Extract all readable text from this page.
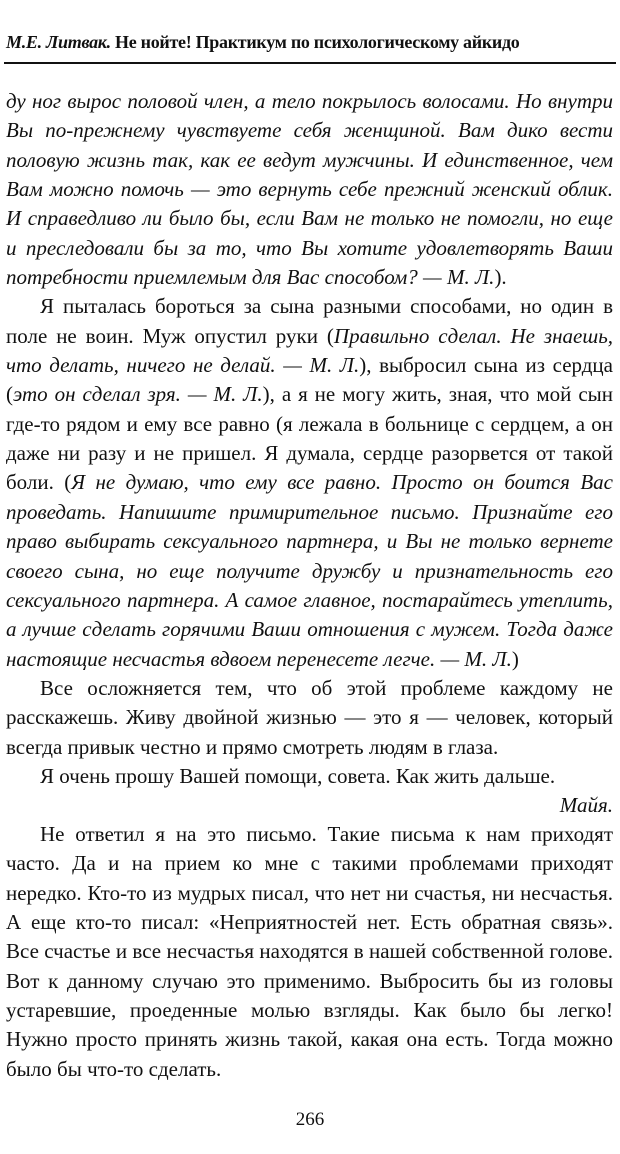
М.Е. Литвак. Не нойте! Практикум по психологическому айкидо

ду ног вырос половой член, а тело покрылось волосами. Но внутри Вы по-прежнему чувствуете себя женщиной. Вам дико вести половую жизнь так, как ее ведут мужчины. И единственное, чем Вам можно помочь — это вернуть себе прежний женский облик. И справедливо ли было бы, если Вам не только не помогли, но еще и преследовали бы за то, что Вы хотите удовлетворять Ваши потребности приемлемым для Вас способом? — М. Л.).

Я пыталась бороться за сына разными способами, но один в поле не воин. Муж опустил руки (Правильно сделал. Не знаешь, что делать, ничего не делай. — М. Л.), выбросил сына из сердца (это он сделал зря. — М. Л.), а я не могу жить, зная, что мой сын где-то рядом и ему все равно (я лежала в больнице с сердцем, а он даже ни разу и не пришел. Я думала, сердце разорвется от такой боли. (Я не думаю, что ему все равно. Просто он боится Вас проведать. Напишите примирительное письмо. Признайте его право выбирать сексуального партнера, и Вы не только вернете своего сына, но еще получите дружбу и признательность его сексуального партнера. А самое главное, постарайтесь утеплить, а лучше сделать горячими Ваши отношения с мужем. Тогда даже настоящие несчастья вдвоем перенесете легче. — М. Л.)

Все осложняется тем, что об этой проблеме каждому не расскажешь. Живу двойной жизнью — это я — человек, который всегда привык честно и прямо смотреть людям в глаза.

Я очень прошу Вашей помощи, совета. Как жить дальше.

Майя.

Не ответил я на это письмо. Такие письма к нам приходят часто. Да и на прием ко мне с такими проблемами приходят нередко. Кто-то из мудрых писал, что нет ни счастья, ни несчастья. А еще кто-то писал: «Неприятностей нет. Есть обратная связь». Все счастье и все несчастья находятся в нашей собственной голове. Вот к данному случаю это применимо. Выбросить бы из головы устаревшие, проеденные молью взгляды. Как было бы легко! Нужно просто принять жизнь такой, какая она есть. Тогда можно было бы что-то сделать.

266
